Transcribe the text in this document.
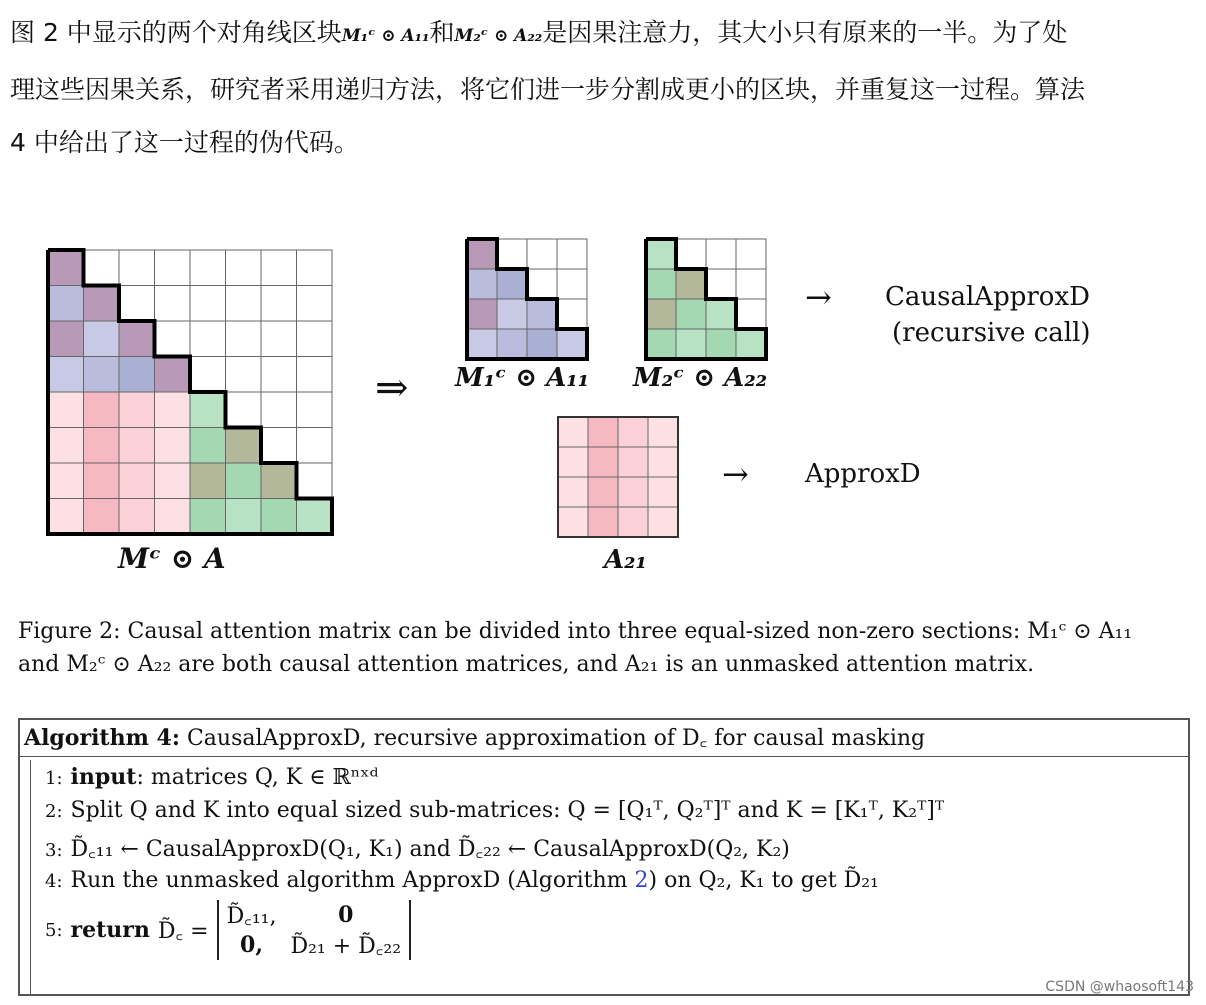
图 2 中显示的两个对角线区块M₁ᶜ ⊙ A₁₁和M₂ᶜ ⊙ A₂₂是因果注意力，其大小只有原来的一半。为了处
理这些因果关系，研究者采用递归方法，将它们进一步分割成更小的区块，并重复这一过程。算法
4 中给出了这一过程的伪代码。
⇒
Mᶜ ⊙ A
M₁ᶜ ⊙ A₁₁ M₂ᶜ ⊙ A₂₂
A₂₁
→ CausalApproxD
(recursive call)
→ ApproxD
Figure 2: Causal attention matrix can be divided into three equal-sized non-zero sections: M₁ᶜ ⊙ A₁₁
and M₂ᶜ ⊙ A₂₂ are both causal attention matrices, and A₂₁ is an unmasked attention matrix.
Algorithm 4: CausalApproxD, recursive approximation of D꜀ for causal masking
1: input: matrices Q, K ∈ ℝⁿˣᵈ
2: Split Q and K into equal sized sub-matrices: Q = [Q₁ᵀ, Q₂ᵀ]ᵀ and K = [K₁ᵀ, K₂ᵀ]ᵀ
3: D̃꜀₁₁ ← CausalApproxD(Q₁, K₁) and D̃꜀₂₂ ← CausalApproxD(Q₂, K₂)
4: Run the unmasked algorithm ApproxD (Algorithm 2) on Q₂, K₁ to get D̃₂₁
5: return D̃꜀ =
D̃꜀₁₁,	0
0,	D̃₂₁ + D̃꜀₂₂
CSDN @whaosoft143
